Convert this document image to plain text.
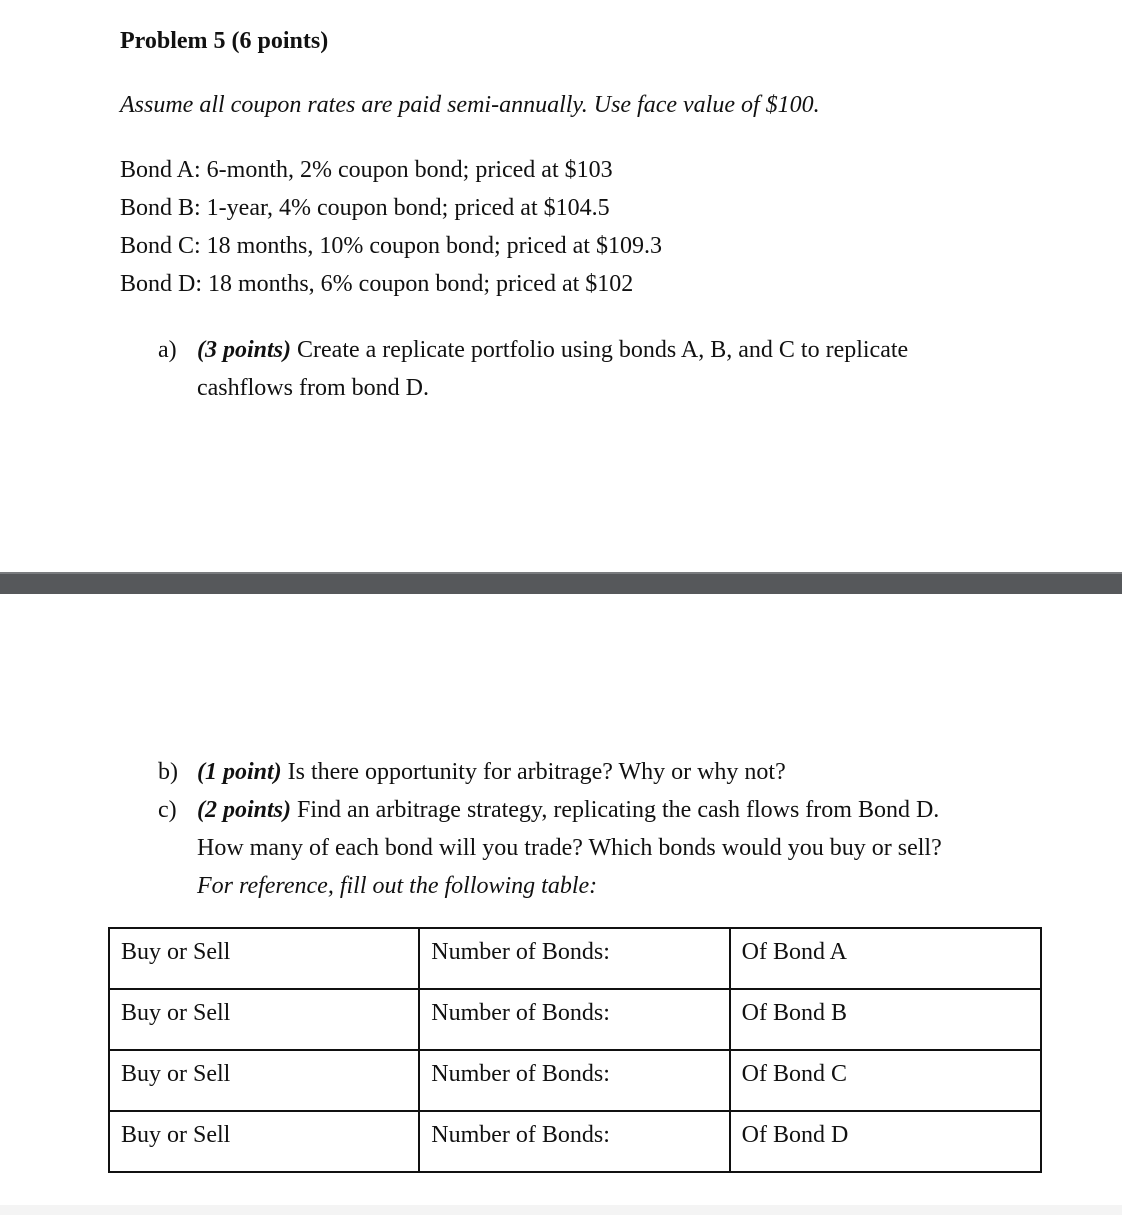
Problem 5 (6 points)
Assume all coupon rates are paid semi-annually. Use face value of $100.
Bond A: 6-month, 2% coupon bond; priced at $103
Bond B: 1-year, 4% coupon bond; priced at $104.5
Bond C: 18 months, 10% coupon bond; priced at $109.3
Bond D: 18 months, 6% coupon bond; priced at $102
a) (3 points) Create a replicate portfolio using bonds A, B, and C to replicate
cashflows from bond D.
b) (1 point) Is there opportunity for arbitrage? Why or why not?
c) (2 points) Find an arbitrage strategy, replicating the cash flows from Bond D.
How many of each bond will you trade? Which bonds would you buy or sell?
For reference, fill out the following table:
Buy or Sell	Number of Bonds:	Of Bond A
Buy or Sell	Number of Bonds:	Of Bond B
Buy or Sell	Number of Bonds:	Of Bond C
Buy or Sell	Number of Bonds:	Of Bond D
